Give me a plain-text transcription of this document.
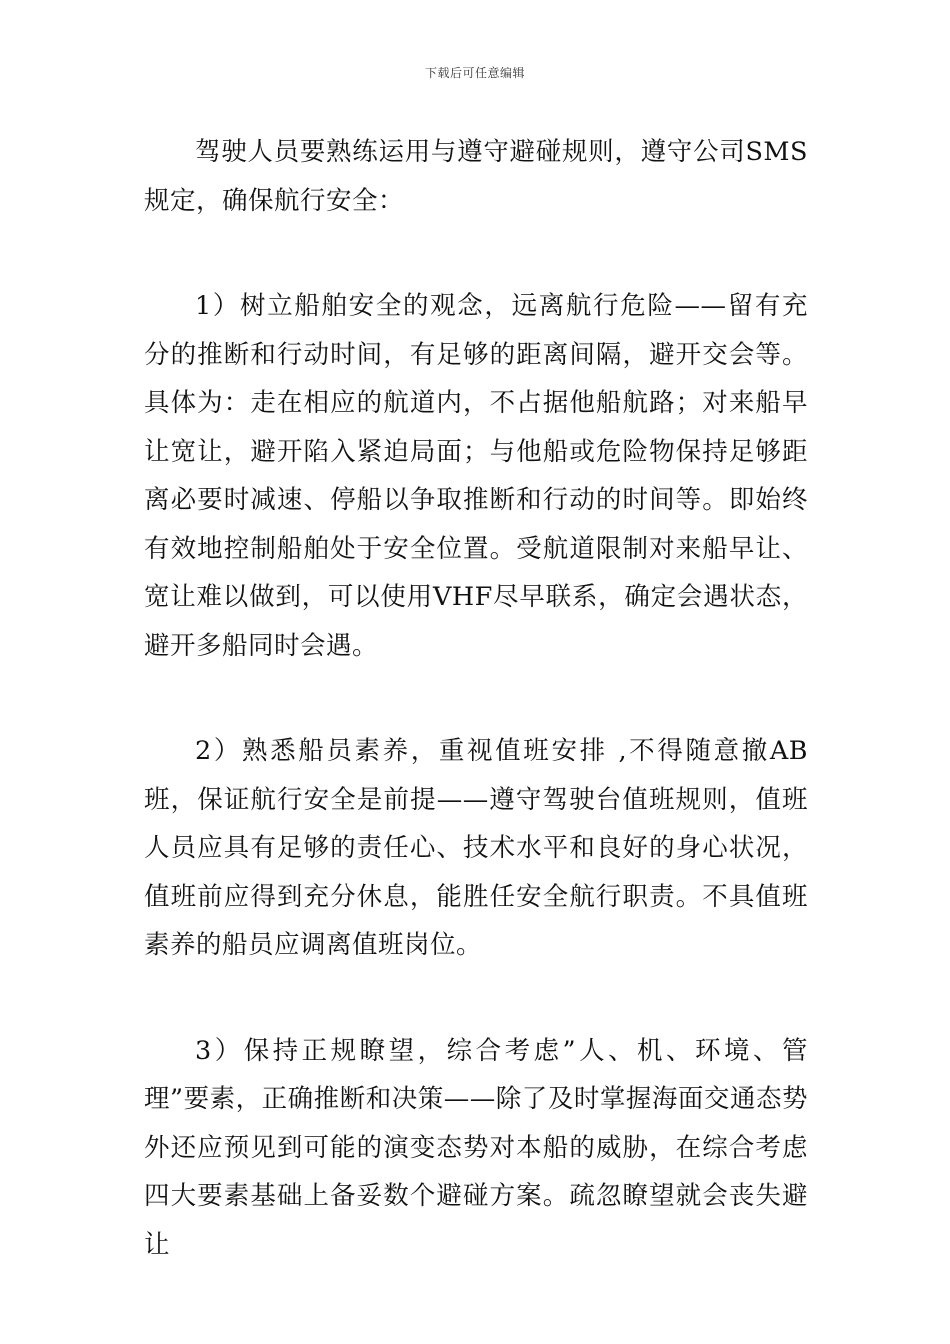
下载后可任意编辑

驾驶人员要熟练运用与遵守避碰规则，遵守公司SMS规定，确保航行安全：

1）树立船舶安全的观念，远离航行危险——留有充分的推断和行动时间，有足够的距离间隔，避开交会等。具体为：走在相应的航道内，不占据他船航路；对来船早让宽让，避开陷入紧迫局面；与他船或危险物保持足够距离必要时减速、停船以争取推断和行动的时间等。即始终有效地控制船舶处于安全位置。受航道限制对来船早让、宽让难以做到，可以使用VHF尽早联系，确定会遇状态，避开多船同时会遇。

2）熟悉船员素养，重视值班安排 ,不得随意撤AB班，保证航行安全是前提——遵守驾驶台值班规则，值班人员应具有足够的责任心、技术水平和良好的身心状况，值班前应得到充分休息，能胜任安全航行职责。不具值班素养的船员应调离值班岗位。

3）保持正规瞭望，综合考虑”人、机、环境、管理”要素，正确推断和决策——除了及时掌握海面交通态势外还应预见到可能的演变态势对本船的威胁，在综合考虑四大要素基础上备妥数个避碰方案。疏忽瞭望就会丧失避让
